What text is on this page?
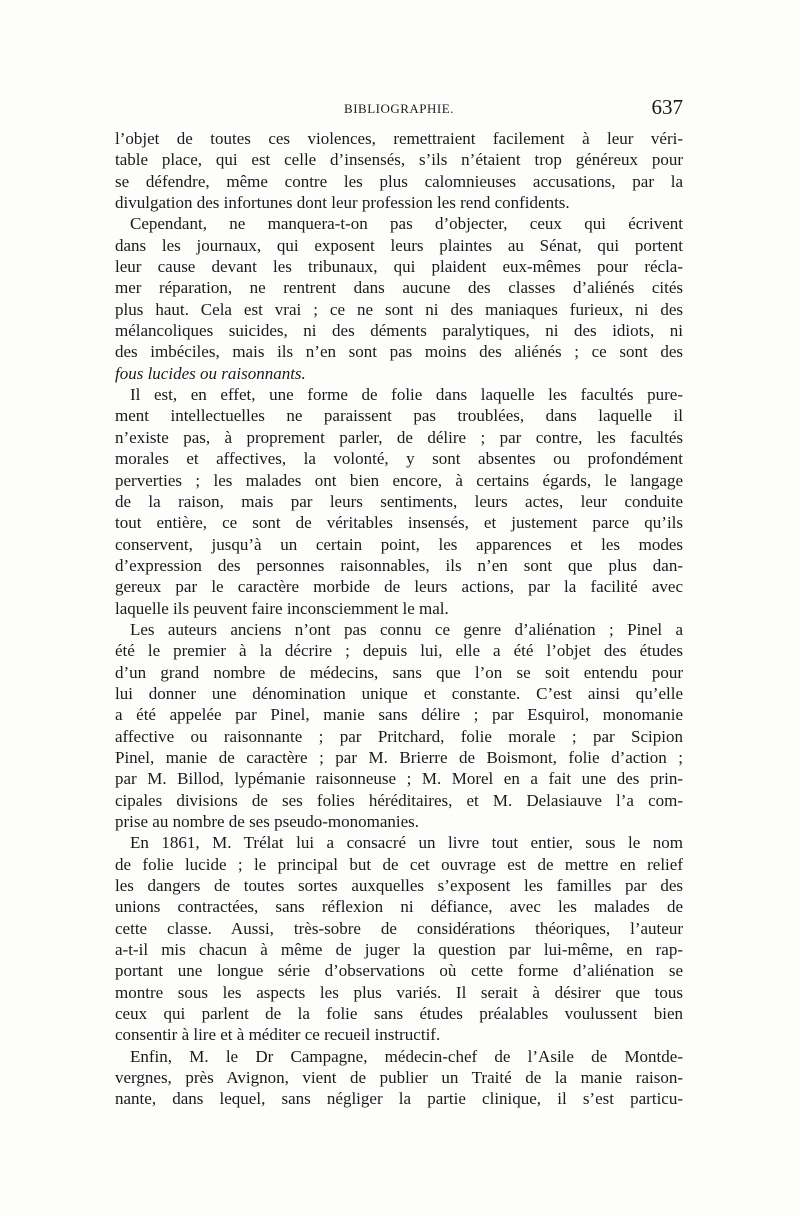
BIBLIOGRAPHIE.	637
l’objet de toutes ces violences, remettraient facilement à leur véri-
table place, qui est celle d’insensés, s’ils n’étaient trop généreux pour
se défendre, même contre les plus calomnieuses accusations, par la
divulgation des infortunes dont leur profession les rend confidents.
Cependant, ne manquera-t-on pas d’objecter, ceux qui écrivent
dans les journaux, qui exposent leurs plaintes au Sénat, qui portent
leur cause devant les tribunaux, qui plaident eux-mêmes pour récla-
mer réparation, ne rentrent dans aucune des classes d’aliénés cités
plus haut. Cela est vrai ; ce ne sont ni des maniaques furieux, ni des
mélancoliques suicides, ni des déments paralytiques, ni des idiots, ni
des imbéciles, mais ils n’en sont pas moins des aliénés ; ce sont des
fous lucides ou raisonnants.
Il est, en effet, une forme de folie dans laquelle les facultés pure-
ment intellectuelles ne paraissent pas troublées, dans laquelle il
n’existe pas, à proprement parler, de délire ; par contre, les facultés
morales et affectives, la volonté, y sont absentes ou profondément
perverties ; les malades ont bien encore, à certains égards, le langage
de la raison, mais par leurs sentiments, leurs actes, leur conduite
tout entière, ce sont de véritables insensés, et justement parce qu’ils
conservent, jusqu’à un certain point, les apparences et les modes
d’expression des personnes raisonnables, ils n’en sont que plus dan-
gereux par le caractère morbide de leurs actions, par la facilité avec
laquelle ils peuvent faire inconsciemment le mal.
Les auteurs anciens n’ont pas connu ce genre d’aliénation ; Pinel a
été le premier à la décrire ; depuis lui, elle a été l’objet des études
d’un grand nombre de médecins, sans que l’on se soit entendu pour
lui donner une dénomination unique et constante. C’est ainsi qu’elle
a été appelée par Pinel, manie sans délire ; par Esquirol, monomanie
affective ou raisonnante ; par Pritchard, folie morale ; par Scipion
Pinel, manie de caractère ; par M. Brierre de Boismont, folie d’action ;
par M. Billod, lypémanie raisonneuse ; M. Morel en a fait une des prin-
cipales divisions de ses folies héréditaires, et M. Delasiauve l’a com-
prise au nombre de ses pseudo-monomanies.
En 1861, M. Trélat lui a consacré un livre tout entier, sous le nom
de folie lucide ; le principal but de cet ouvrage est de mettre en relief
les dangers de toutes sortes auxquelles s’exposent les familles par des
unions contractées, sans réflexion ni défiance, avec les malades de
cette classe. Aussi, très-sobre de considérations théoriques, l’auteur
a-t-il mis chacun à même de juger la question par lui-même, en rap-
portant une longue série d’observations où cette forme d’aliénation se
montre sous les aspects les plus variés. Il serait à désirer que tous
ceux qui parlent de la folie sans études préalables voulussent bien
consentir à lire et à méditer ce recueil instructif.
Enfin, M. le Dr Campagne, médecin-chef de l’Asile de Montde-
vergnes, près Avignon, vient de publier un Traité de la manie raison-
nante, dans lequel, sans négliger la partie clinique, il s’est particu-
